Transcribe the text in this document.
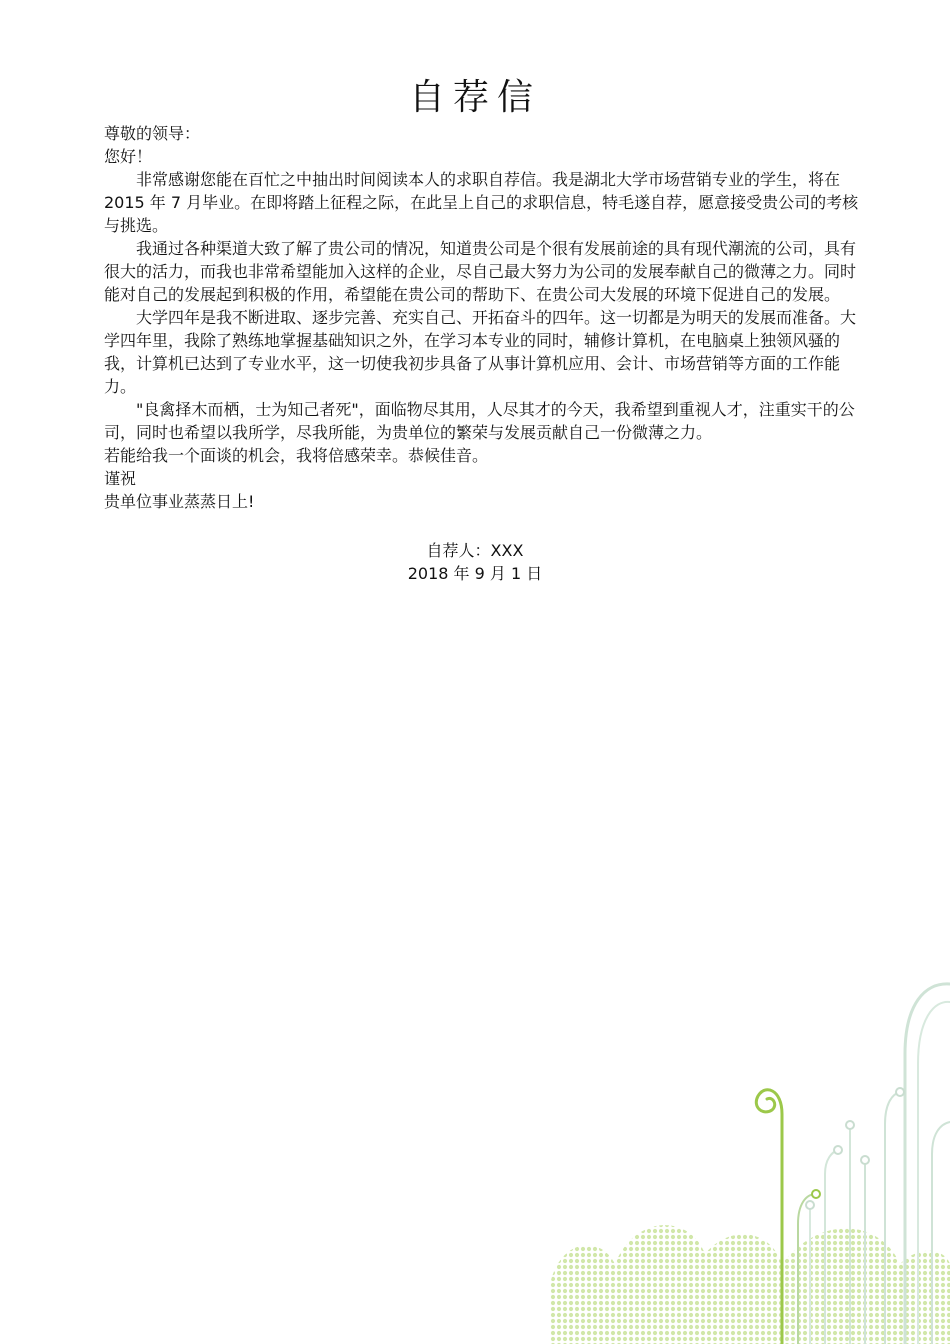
自荐信

尊敬的领导：

您好！

非常感谢您能在百忙之中抽出时间阅读本人的求职自荐信。我是湖北大学市场营销专业的学生，将在 2015 年 7 月毕业。在即将踏上征程之际，在此呈上自己的求职信息，特毛遂自荐，愿意接受贵公司的考核与挑选。

我通过各种渠道大致了解了贵公司的情况，知道贵公司是个很有发展前途的具有现代潮流的公司，具有很大的活力，而我也非常希望能加入这样的企业，尽自己最大努力为公司的发展奉献自己的微薄之力。同时能对自己的发展起到积极的作用，希望能在贵公司的帮助下、在贵公司大发展的环境下促进自己的发展。

大学四年是我不断进取、逐步完善、充实自己、开拓奋斗的四年。这一切都是为明天的发展而准备。大学四年里，我除了熟练地掌握基础知识之外，在学习本专业的同时，辅修计算机，在电脑桌上独领风骚的我，计算机已达到了专业水平，这一切使我初步具备了从事计算机应用、会计、市场营销等方面的工作能力。

"良禽择木而栖，士为知己者死"，面临物尽其用，人尽其才的今天，我希望到重视人才，注重实干的公司，同时也希望以我所学，尽我所能，为贵单位的繁荣与发展贡献自己一份微薄之力。

若能给我一个面谈的机会，我将倍感荣幸。恭候佳音。

谨祝

贵单位事业蒸蒸日上!

自荐人：XXX
2018 年 9 月 1 日
